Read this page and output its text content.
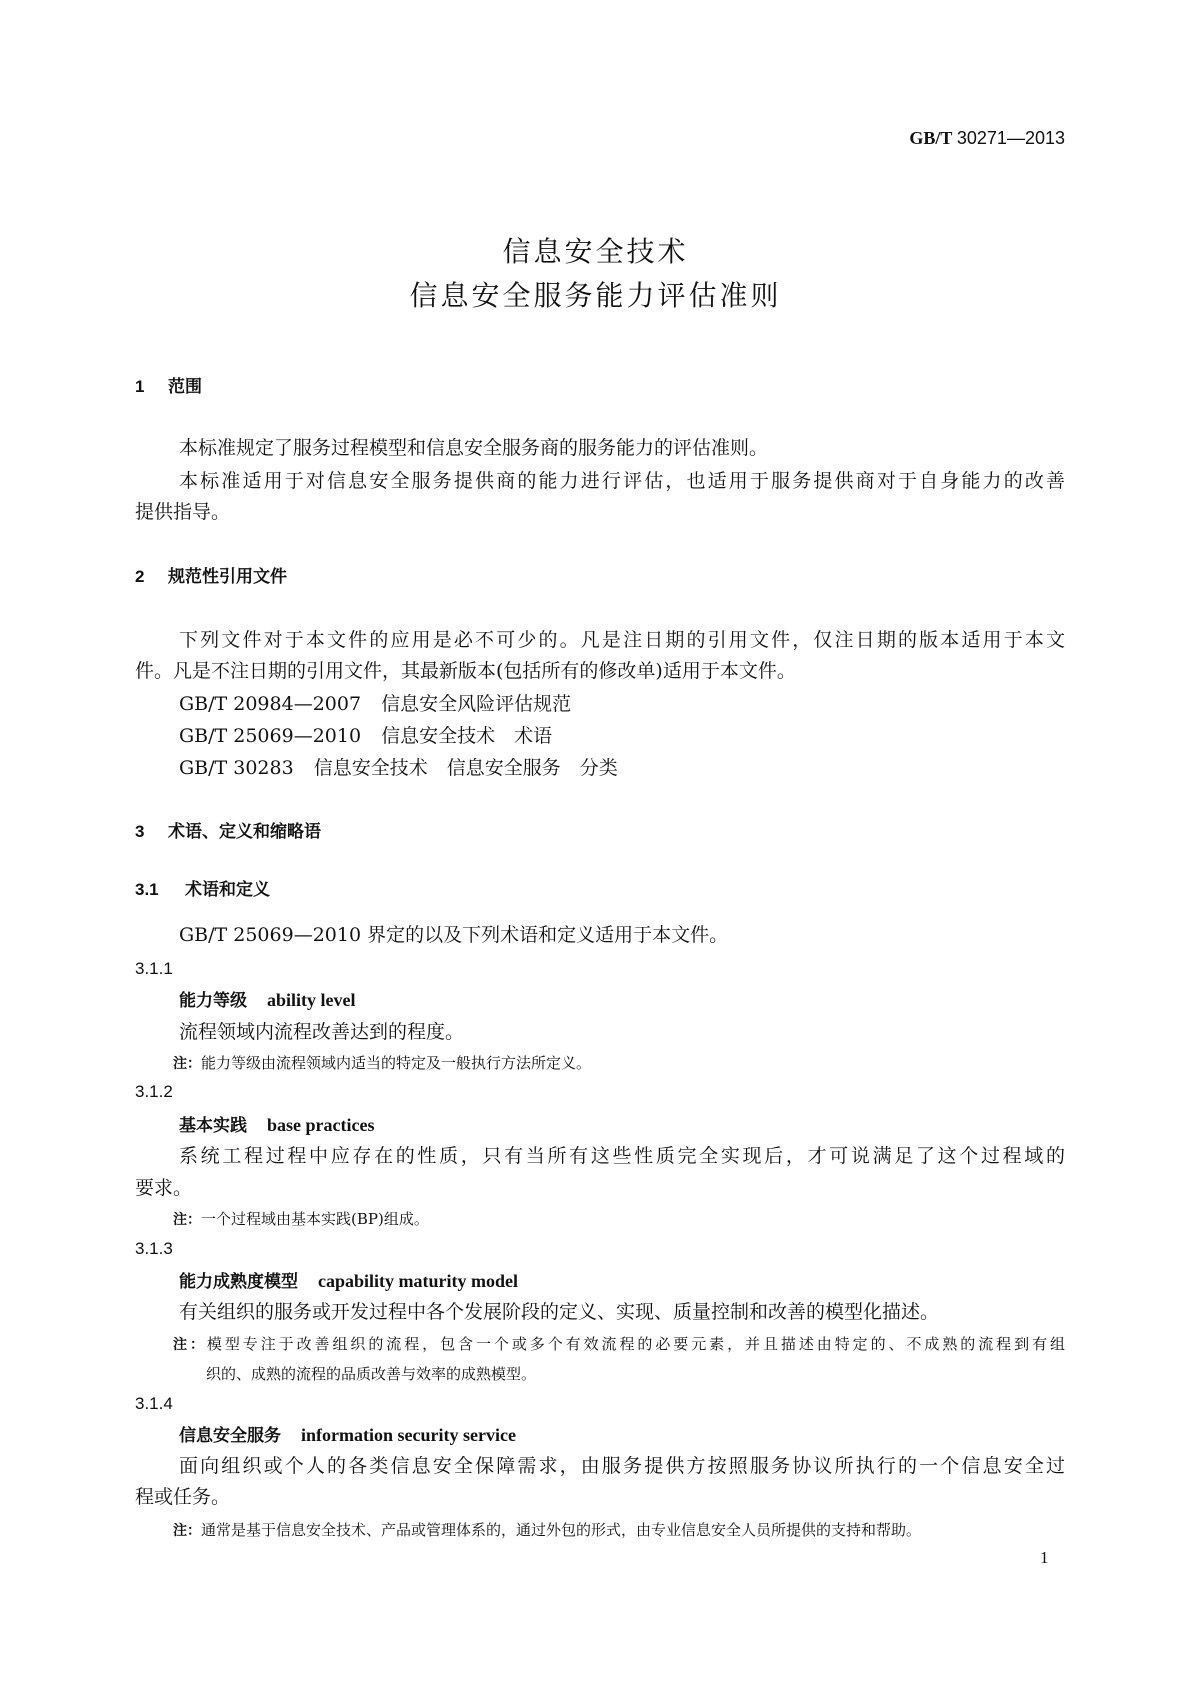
GB/T 30271—2013
信息安全技术
信息安全服务能力评估准则
1 范围
本标准规定了服务过程模型和信息安全服务商的服务能力的评估准则。
本标准适用于对信息安全服务提供商的能力进行评估，也适用于服务提供商对于自身能力的改善
提供指导。
2 规范性引用文件
下列文件对于本文件的应用是必不可少的。凡是注日期的引用文件，仅注日期的版本适用于本文
件。凡是不注日期的引用文件，其最新版本(包括所有的修改单)适用于本文件。
GB/T 20984—2007 信息安全风险评估规范
GB/T 25069—2010 信息安全技术　术语
GB/T 30283 信息安全技术　信息安全服务　分类
3 术语、定义和缩略语
3.1 术语和定义
GB/T 25069—2010 界定的以及下列术语和定义适用于本文件。
3.1.1
能力等级 ability level
流程领域内流程改善达到的程度。
注：能力等级由流程领域内适当的特定及一般执行方法所定义。
3.1.2
基本实践 base practices
系统工程过程中应存在的性质，只有当所有这些性质完全实现后，才可说满足了这个过程域的
要求。
注：一个过程域由基本实践(BP)组成。
3.1.3
能力成熟度模型 capability maturity model
有关组织的服务或开发过程中各个发展阶段的定义、实现、质量控制和改善的模型化描述。
注：模型专注于改善组织的流程，包含一个或多个有效流程的必要元素，并且描述由特定的、不成熟的流程到有组
织的、成熟的流程的品质改善与效率的成熟模型。
3.1.4
信息安全服务 information security service
面向组织或个人的各类信息安全保障需求，由服务提供方按照服务协议所执行的一个信息安全过
程或任务。
注：通常是基于信息安全技术、产品或管理体系的，通过外包的形式，由专业信息安全人员所提供的支持和帮助。
1
